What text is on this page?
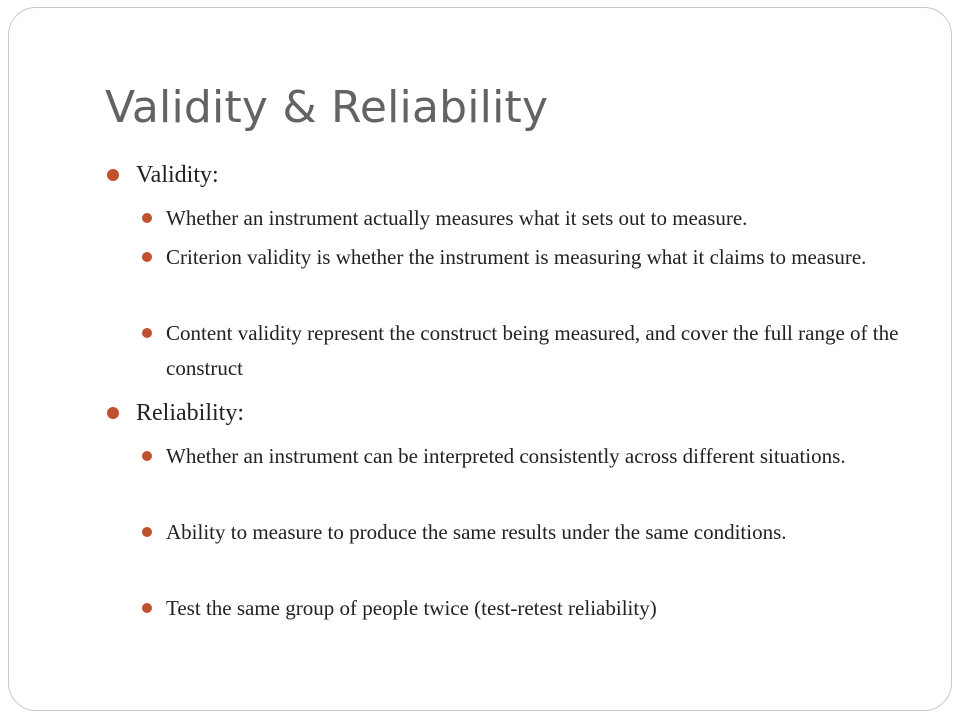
Validity & Reliability
Validity:
Whether an instrument actually measures what it sets out to measure.
Criterion validity is whether the instrument is measuring what it claims to measure.
Content validity represent the construct being measured, and cover the full range of the construct
Reliability:
Whether an instrument can be interpreted consistently across different situations.
Ability to measure to produce the same results under the same conditions.
Test the same group of people twice (test-retest reliability)
